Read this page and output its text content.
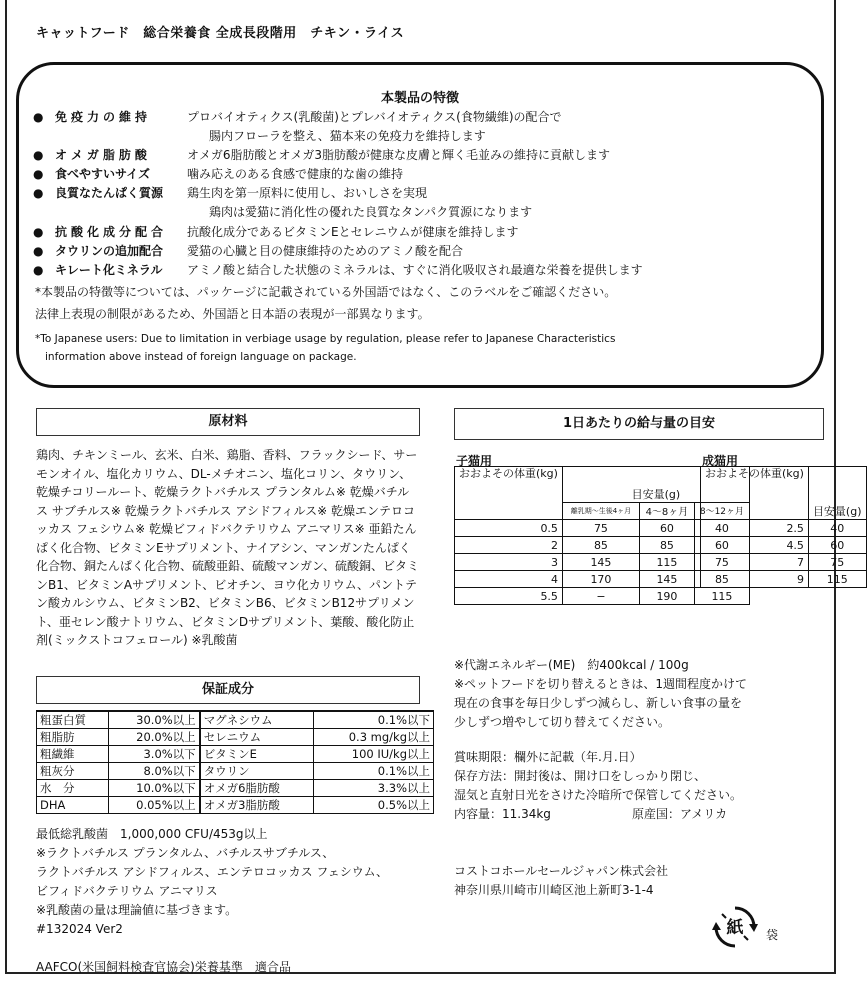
キャットフード　総合栄養食 全成長段階用　チキン・ライス
本製品の特徴
● 免疫力の維持	プロバイオティクス(乳酸菌)とプレバイオティクス(食物繊維)の配合で
腸内フローラを整え、猫本来の免疫力を維持します
● オメガ脂肪酸	オメガ6脂肪酸とオメガ3脂肪酸が健康な皮膚と輝く毛並みの維持に貢献します
● 食べやすいサイズ	噛み応えのある食感で健康的な歯の維持
● 良質なたんぱく質源 鶏生肉を第一原料に使用し、おいしさを実現
鶏肉は愛猫に消化性の優れた良質なタンパク質源になります
● 抗酸化成分配合 抗酸化成分であるビタミンEとセレニウムが健康を維持します
● タウリンの追加配合 愛猫の心臓と目の健康維持のためのアミノ酸を配合
● キレート化ミネラル アミノ酸と結合した状態のミネラルは、すぐに消化吸収され最適な栄養を提供します
*本製品の特徴等については、パッケージに記載されている外国語ではなく、このラベルをご確認ください。
法律上表現の制限があるため、外国語と日本語の表現が一部異なります。
*To Japanese users: Due to limitation in verbiage usage by regulation, please refer to Japanese Characteristics
information above instead of foreign language on package.
原材料
鶏肉、チキンミール、玄米、白米、鶏脂、香料、フラックシード、サーモンオイル、塩化カリウム、DL-メチオニン、塩化コリン、タウリン、乾燥チコリールート、乾燥ラクトバチルス プランタルム※ 乾燥バチルス サブチルス※ 乾燥ラクトバチルス アシドフィルス※ 乾燥エンテロコッカス フェシウム※ 乾燥ビフィドバクテリウム アニマリス※ 亜鉛たんぱく化合物、ビタミンEサプリメント、ナイアシン、マンガンたんぱく化合物、銅たんぱく化合物、硫酸亜鉛、硫酸マンガン、硫酸銅、ビタミンB1、ビタミンAサプリメント、ビオチン、ヨウ化カリウム、パントテン酸カルシウム、ビタミンB2、ビタミンB6、ビタミンB12サプリメント、亜セレン酸ナトリウム、ビタミンDサプリメント、葉酸、酸化防止剤(ミックストコフェロール) ※乳酸菌
保証成分
粗蛋白質	30.0%以上	マグネシウム	0.1%以下
粗脂肪	20.0%以上	セレニウム	0.3 mg/kg以上
粗繊維	3.0%以下	ビタミンE	100 IU/kg以上
粗灰分	8.0%以下	タウリン	0.1%以上
水　分	10.0%以下	オメガ6脂肪酸	3.3%以上
DHA	0.05%以上	オメガ3脂肪酸	0.5%以上
最低総乳酸菌　1,000,000 CFU/453g以上
※ラクトバチルス プランタルム、バチルスサブチルス、
ラクトバチルス アシドフィルス、エンテロコッカス フェシウム、
ビフィドバクテリウム アニマリス
※乳酸菌の量は理論値に基づきます。
#132024 Ver2
AAFCO(米国飼料検査官協会)栄養基準　適合品
1日あたりの給与量の目安
子猫用
おおよその体重(kg)	目安量(g)		
	離乳期〜生後4ヶ月	4〜8ヶ月	8〜12ヶ月
0.5	75	60	40
2	85	85	60
3	145	115	75
4	170	145	85
5.5	−	190	115
成猫用
おおよその体重(kg)	目安量(g)
2.5	40
4.5	60
7	75
9	115
※代謝エネルギー(ME)　約400kcal / 100g
※ペットフードを切り替えるときは、1週間程度かけて
現在の食事を毎日少しずつ減らし、新しい食事の量を
少しずつ増やして切り替えてください。
賞味期限：欄外に記載（年.月.日）
保存方法：開封後は、開け口をしっかり閉じ、
湿気と直射日光をさけた冷暗所で保管してください。
内容量：11.34kg	原産国：アメリカ
コストコホールセールジャパン株式会社
神奈川県川崎市川崎区池上新町3-1-4
紙 袋
